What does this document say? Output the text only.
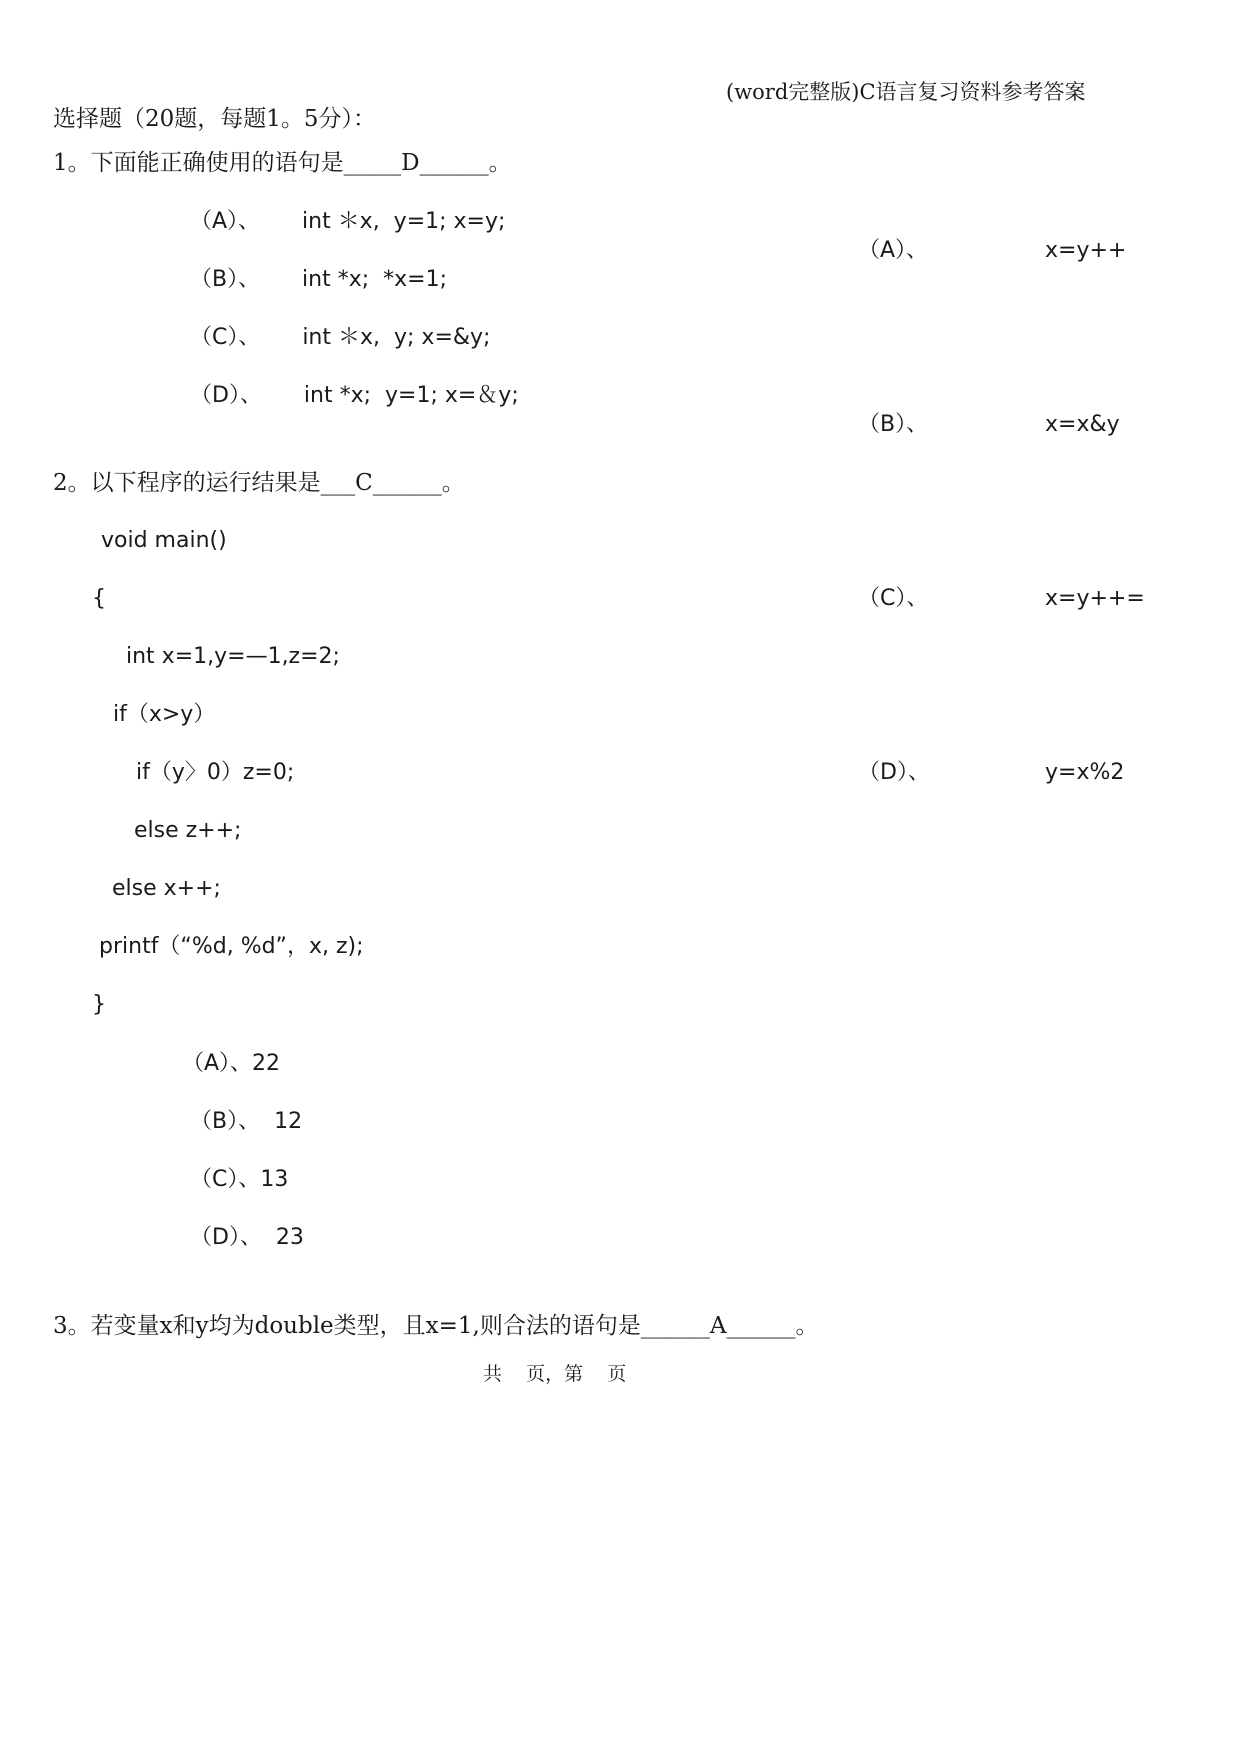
(word完整版)C语言复习资料参考答案
选择题（20题，每题1。5分）：
1。下面能正确使用的语句是_____D______。
（A）、      int ＊x,  y=1; x=y;
（B）、      int *x;  *x=1;
（C）、      int ＊x,  y; x=&y;
（D）、      int *x;  y=1; x=＆y;
（A）、	x=y++
（B）、	x=x&y
（C）、	x=y++=
（D）、	y=x%2
2。以下程序的运行结果是___C______。
void main()
{
int x=1,y=—1,z=2;
if（x>y）
if（y〉0）z=0;
else z++;
else x++;
printf（“%d, %d”，x, z);
}
（A）、22
（B）、  12
（C）、13
（D）、  23
3。若变量x和y均为double类型，且x=1,则合法的语句是______A______。
共    页，第    页
